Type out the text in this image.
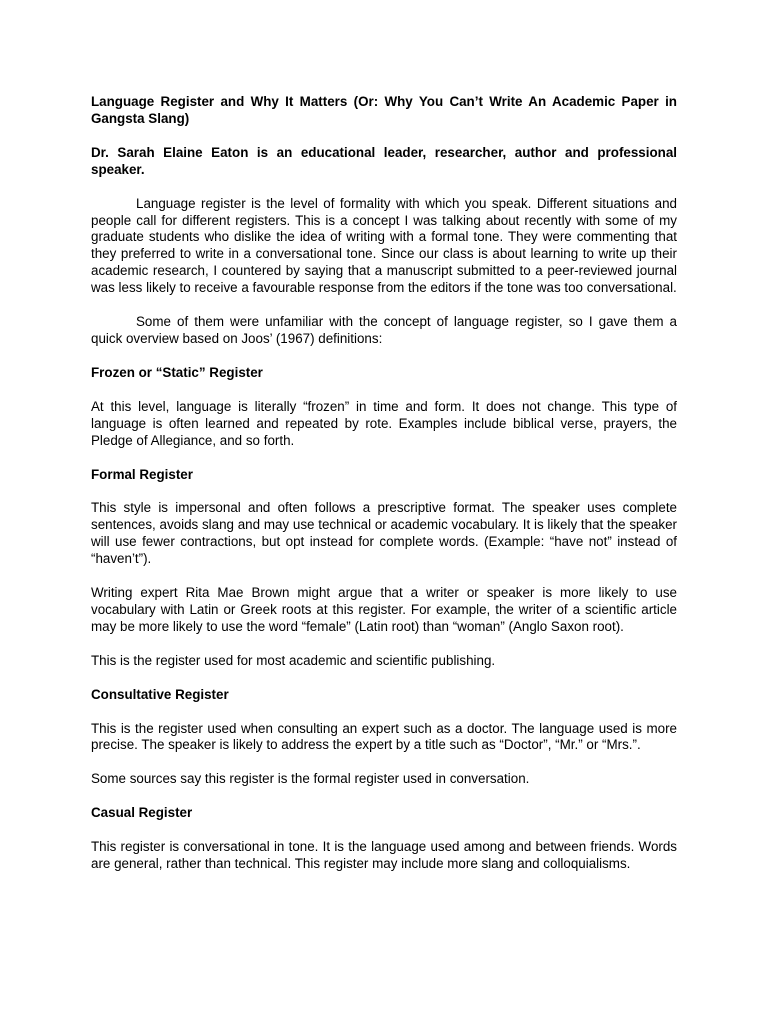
Language Register and Why It Matters (Or: Why You Can’t Write An Academic Paper in Gangsta Slang)

Dr. Sarah Elaine Eaton is an educational leader, researcher, author and professional speaker.

Language register is the level of formality with which you speak. Different situations and people call for different registers. This is a concept I was talking about recently with some of my graduate students who dislike the idea of writing with a formal tone. They were commenting that they preferred to write in a conversational tone. Since our class is about learning to write up their academic research, I countered by saying that a manuscript submitted to a peer-reviewed journal was less likely to receive a favourable response from the editors if the tone was too conversational.

Some of them were unfamiliar with the concept of language register, so I gave them a quick overview based on Joos’ (1967) definitions:

Frozen or “Static” Register

At this level, language is literally “frozen” in time and form. It does not change. This type of language is often learned and repeated by rote. Examples include biblical verse, prayers, the Pledge of Allegiance, and so forth.

Formal Register

This style is impersonal and often follows a prescriptive format. The speaker uses complete sentences, avoids slang and may use technical or academic vocabulary. It is likely that the speaker will use fewer contractions, but opt instead for complete words. (Example: “have not” instead of “haven’t”).

Writing expert Rita Mae Brown might argue that a writer or speaker is more likely to use vocabulary with Latin or Greek roots at this register. For example, the writer of a scientific article may be more likely to use the word “female” (Latin root) than “woman” (Anglo Saxon root).

This is the register used for most academic and scientific publishing.

Consultative Register

This is the register used when consulting an expert such as a doctor. The language used is more precise. The speaker is likely to address the expert by a title such as “Doctor”, “Mr.” or “Mrs.”.

Some sources say this register is the formal register used in conversation.

Casual Register

This register is conversational in tone. It is the language used among and between friends. Words are general, rather than technical. This register may include more slang and colloquialisms.
